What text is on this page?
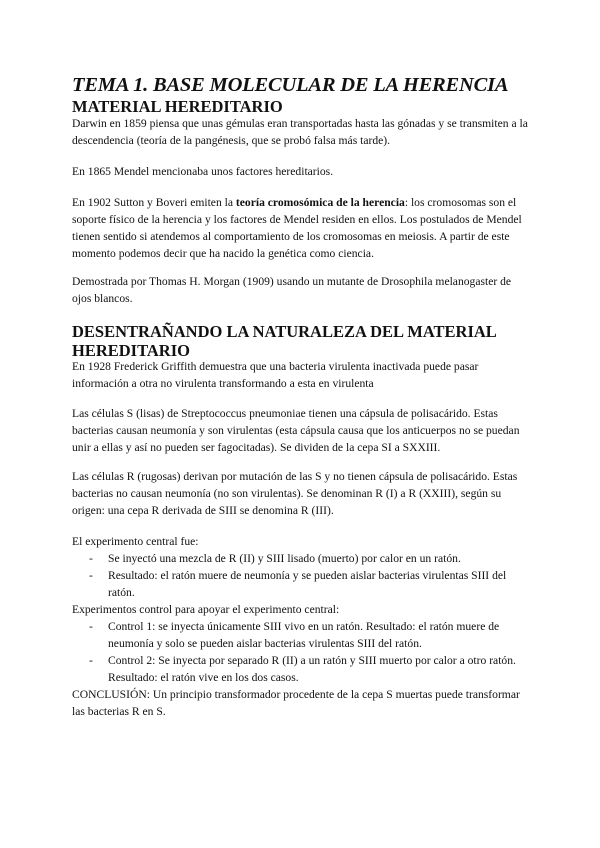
TEMA 1. BASE MOLECULAR DE LA HERENCIA
MATERIAL HEREDITARIO

Darwin en 1859 piensa que unas gémulas eran transportadas hasta las gónadas y se transmiten a la descendencia (teoría de la pangénesis, que se probó falsa más tarde).

En 1865 Mendel mencionaba unos factores hereditarios.

En 1902 Sutton y Boveri emiten la teoría cromosómica de la herencia: los cromosomas son el soporte físico de la herencia y los factores de Mendel residen en ellos. Los postulados de Mendel tienen sentido si atendemos al comportamiento de los cromosomas en meiosis. A partir de este momento podemos decir que ha nacido la genética como ciencia.

Demostrada por Thomas H. Morgan (1909) usando un mutante de Drosophila melanogaster de ojos blancos.

DESENTRAÑANDO LA NATURALEZA DEL MATERIAL HEREDITARIO

En 1928 Frederick Griffith demuestra que una bacteria virulenta inactivada puede pasar información a otra no virulenta transformando a esta en virulenta

Las células S (lisas) de Streptococcus pneumoniae tienen una cápsula de polisacárido. Estas bacterias causan neumonía y son virulentas (esta cápsula causa que los anticuerpos no se puedan unir a ellas y así no pueden ser fagocitadas). Se dividen de la cepa SI a SXXIII.

Las células R (rugosas) derivan por mutación de las S y no tienen cápsula de polisacárido. Estas bacterias no causan neumonía (no son virulentas). Se denominan R (I) a R (XXIII), según su origen: una cepa R derivada de SIII se denomina R (III).

El experimento central fue:

- Se inyectó una mezcla de R (II) y SIII lisado (muerto) por calor en un ratón.
- Resultado: el ratón muere de neumonía y se pueden aislar bacterias virulentas SIII del ratón.

Experimentos control para apoyar el experimento central:

- Control 1: se inyecta únicamente SIII vivo en un ratón. Resultado: el ratón muere de neumonía y solo se pueden aislar bacterias virulentas SIII del ratón.
- Control 2: Se inyecta por separado R (II) a un ratón y SIII muerto por calor a otro ratón. Resultado: el ratón vive en los dos casos.

CONCLUSIÓN: Un principio transformador procedente de la cepa S muertas puede transformar las bacterias R en S.
